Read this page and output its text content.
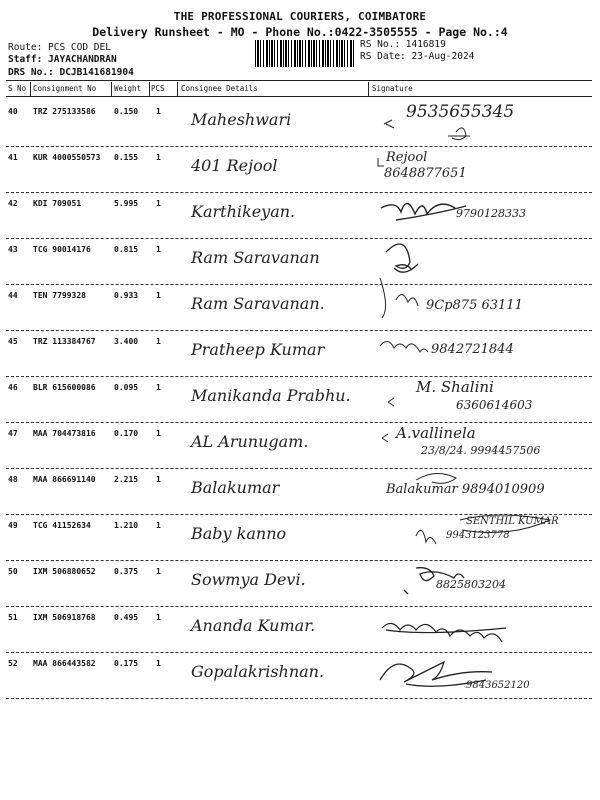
THE PROFESSIONAL COURIERS, COIMBATORE
Delivery Runsheet - MO - Phone No.:0422-3505555 - Page No.:4
Route: PCS COD DEL
Staff: JAYACHANDRAN
DRS No.: DCJB141681904
RS No.: 1416819
RS Date: 23-Aug-2024
S No Consignment No Weight PCS Consignee Details	Signature
40 TRZ 275133586 0.150 1 Maheshwari	9535655345
41 KUR 4000550573 0.155 1 401 Rejool	Rejool
8648877651
42 KDI 709051	5.995 1 Karthikeyan.	9790128333
43 TCG 90014176	0.815 1 Ram Saravanan
44 TEN 7799328	0.933 1 Ram Saravanan.	9Cp875 63111
45 TRZ 113384767 3.400 1 Pratheep Kumar	9842721844
46 BLR 615600086 0.095 1 Manikanda Prabhu.	M. Shalini
6360614603
47 MAA 704473816 0.170 1 AL Arunugam.	A.vallinela
23/8/24. 9994457506
48 MAA 866691140 2.215 1 Balakumar	Balakumar 9894010909
49 TCG 41152634	1.210 1 Baby kanno
SENTHIL KUMAR
9943123778
50 IXM 506880652 0.375 1 Sowmya Devi.	8825803204
51 IXM 506918768 0.495 1 Ananda Kumar.
52 MAA 866443582 0.175 1 Gopalakrishnan.
9843652120
